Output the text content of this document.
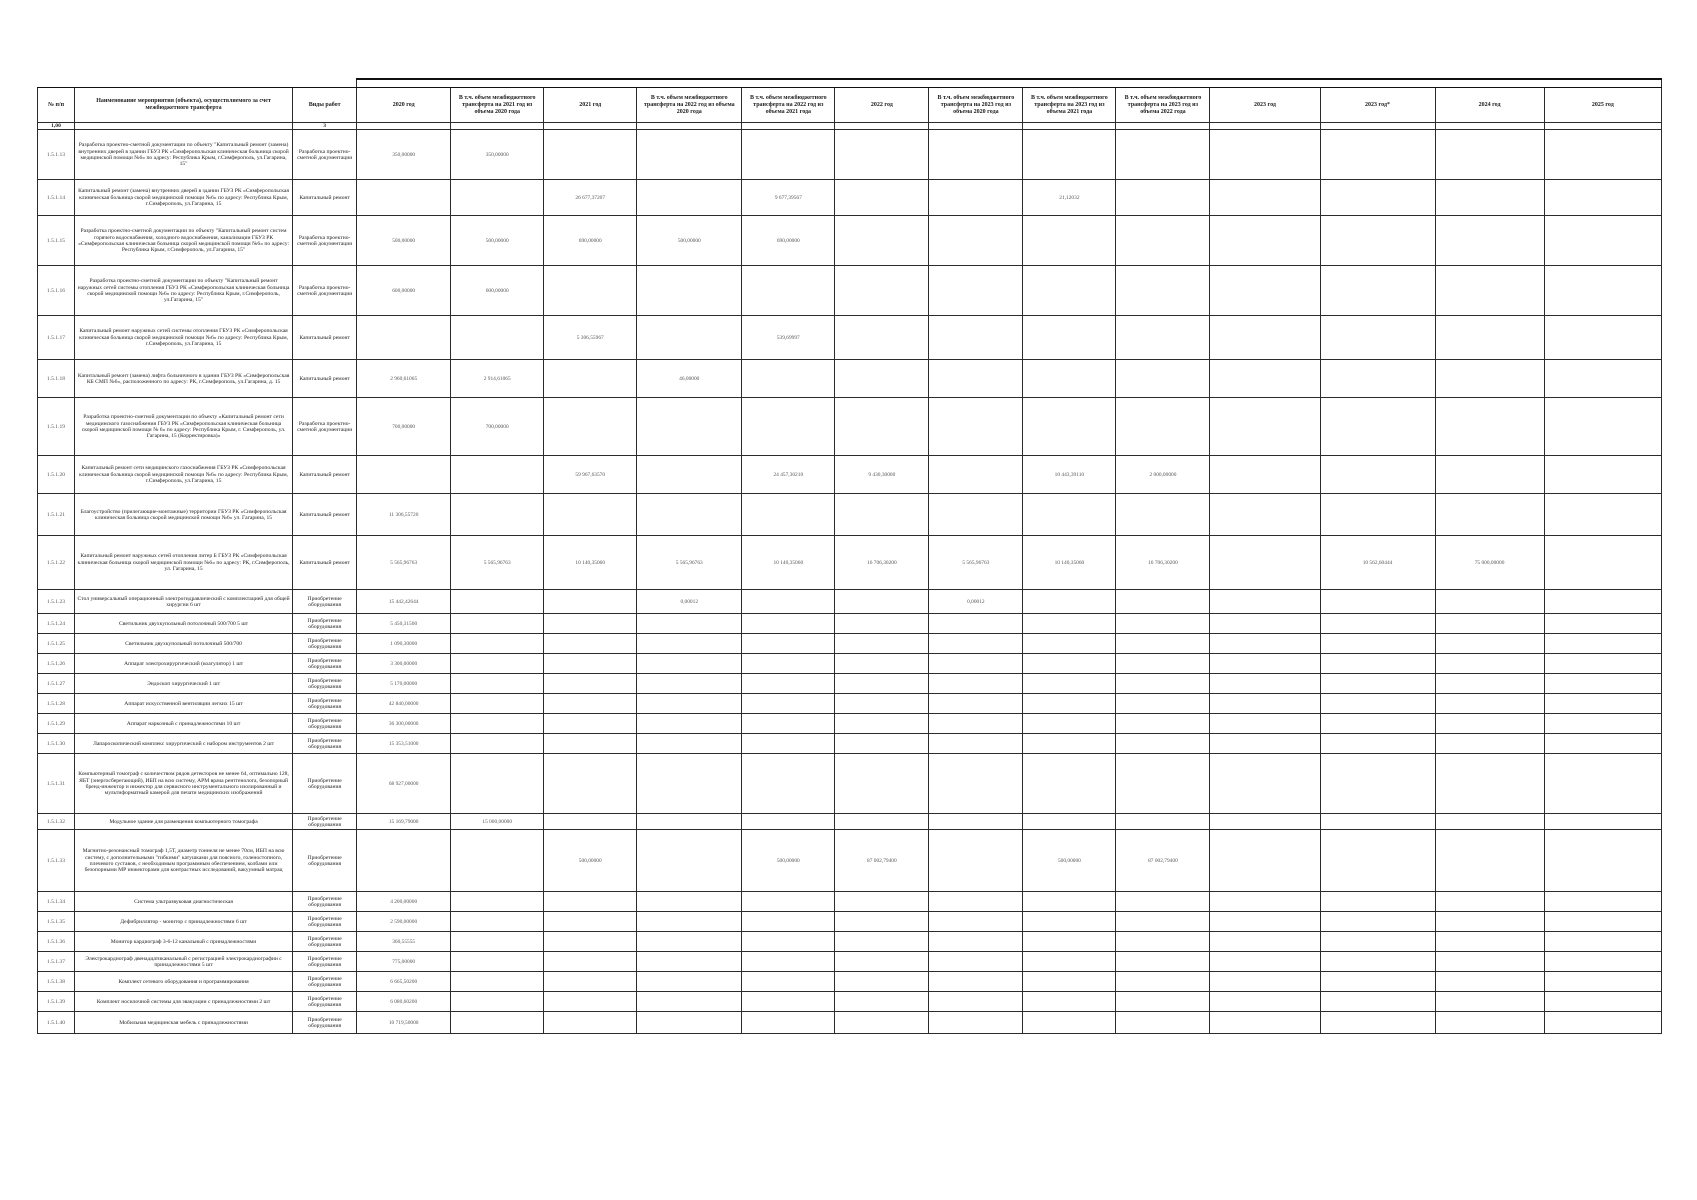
№ п/п	Наименование мероприятия (объекта), осуществляемого за счет межбюджетного трансферта	Виды работ	2020 год	В т.ч. объем межбюджетного трансферта на 2021 год из объема 2020 года	2021 год	В т.ч. объем межбюджетного трансферта на 2022 год из объема 2020 года	В т.ч. объем межбюджетного трансферта на 2022 год из объема 2021 года	2022 год	В т.ч. объем межбюджетного трансферта на 2023 год из объема 2020 года	В т.ч. объем межбюджетного трансферта на 2023 год из объема 2021 года	В т.ч. объем межбюджетного трансферта на 2023 год из объема 2022 года	2023 год	2023 год*	2024 год	2025 год
1,00		3													
1.5.1.13	Разработка проектно-сметной документации по объекту "Капитальный ремонт (замена) внутренних дверей в здании ГБУЗ РК «Симферопольская клиническая больница скорой медицинской помощи №6» по адресу: Республика Крым, г.Симферополь, ул.Гагарина, 15"	Разработка проектно-сметной документации	350,00000	350,00000											
1.5.1.14	Капитальный ремонт (замена) внутренних дверей в здании ГБУЗ РК «Симферопольская клиническая больница скорой медицинской помощи №6» по адресу: Республика Крым, г.Симферополь, ул.Гагарина, 15	Капитальный ремонт			26 677,37207		9 677,39567			21,12032					
1.5.1.15	Разработка проектно-сметной документации по объекту "Капитальный ремонт систем горячего водоснабжения, холодного водоснабжения, канализации ГБУЗ РК «Симферопольская клиническая больница скорой медицинской помощи №6» по адресу: Республика Крым, г.Симферополь, ул.Гагарина, 15"	Разработка проектно-сметной документации	500,00000	500,00000	690,00000	500,00000	690,00000								
1.5.1.16	Разработка проектно-сметной документации по объекту "Капитальный ремонт наружных сетей системы отопления ГБУЗ РК «Симферопольская клиническая больница скорой медицинской помощи №6» по адресу: Республика Крым, г.Симферополь, ул.Гагарина, 15"	Разработка проектно-сметной документации	600,00000	600,00000											
1.5.1.17	Капитальный ремонт наружных сетей системы отопления ГБУЗ РК «Симферопольская клиническая больница скорой медицинской помощи №6» по адресу: Республика Крым, г.Симферополь, ул.Гагарина, 15	Капитальный ремонт			5 306,55967		539,69997								
1.5.1.18	Капитальный ремонт (замена) лифта больничного в здании ГБУЗ РК «Симферопольская КБ СМП №6», расположенного по адресу: РК, г.Симферополь, ул.Гагарина, д. 15	Капитальный ремонт	2 960,61065	2 914,61065		46,00000									
1.5.1.19	Разработка проектно-сметной документации по объекту «Капитальный ремонт сети медицинского газоснабжения ГБУЗ РК «Симферопольская клиническая больница скорой медицинской помощи № 6» по адресу: Республика Крым, г. Симферополь, ул. Гагарина, 15 (Корректировка)»	Разработка проектно-сметной документации	700,00000	700,00000											
1.5.1.20	Капитальный ремонт сети медицинского газоснабжения ГБУЗ РК «Симферопольская клиническая больница скорой медицинской помощи №6» по адресу: Республика Крым, г.Симферополь, ул.Гагарина, 15	Капитальный ремонт			59 967,63570		24 457,30210	9 430,30000		10 443,39110	2 000,00000				
1.5.1.21	Благоустройство (прилегающие-монтажные) территории ГБУЗ РК «Симферопольская клиническая больница скорой медицинской помощи №6» ул. Гагарина, 15	Капитальный ремонт	11 306,55720												
1.5.1.22	Капитальный ремонт наружных сетей отопления литер Б ГБУЗ РК «Симферопольская клиническая больница скорой медицинской помощи №6» по адресу: РК, г.Симферополь, ул. Гагарина, 15	Капитальный ремонт	5 565,96763	5 565,96763	10 140,35060	5 565,96763	10 140,35060	16 706,30200	5 565,96763	10 140,35060	16 706,30200		10 562,60444	75 000,00000	
1.5.1.23	Стол универсальный операционный электрогидравлический с комплектацией для общей хирургии 6 шт	Приобретение оборудования	15 442,42644			0,00012			0,00012						
1.5.1.24	Светильник двухкупольный потолочный 500/700 5 шт	Приобретение оборудования	5 450,31500												
1.5.1.25	Светильник двухкупольный потолочный 500/700	Приобретение оборудования	1 090,30000												
1.5.1.26	Аппарат электрохирургический (коагулятор) 1 шт	Приобретение оборудования	3 300,00000												
1.5.1.27	Эндоскоп хирургический 1 шт	Приобретение оборудования	5 170,00000												
1.5.1.28	Аппарат искусственной вентиляции легких 15 шт	Приобретение оборудования	42 840,00000												
1.5.1.29	Аппарат наркозный с принадлежностями 10 шт	Приобретение оборудования	36 300,00000												
1.5.1.30	Лапароскопический комплекс хирургический с набором инструментов 2 шт	Приобретение оборудования	15 353,51000												
1.5.1.31	Компьютерный томограф с количеством рядов детекторов не менее 64, оптимально 128, ЯБТ (энергосберегающий), ИБП на всю систему, АРМ врача рентгенолога, безопорный бренд-инжектор и инжектор для сервисного инструментального изолированный и мультиформатный камерой для печати медицинских изображений	Приобретение оборудования	68 927,00000												
1.5.1.32	Модульное здание для размещения компьютерного томографа	Приобретение оборудования	15 169,79000	15 000,00000											
1.5.1.33	Магнитно-резонансный томограф 1,5Т, диаметр тоннеля не менее 70см, ИБП на всю систему, с дополнительными "гибкими" катушками для поясного, голеностопного, плечевого суставов, с необходимым программным обеспечением, колбами или безопорными МР инжекторами для контрастных исследований, вакуумный матрац	Приобретение оборудования			500,00000		500,00000	87 002,79400		500,00000	87 002,79400				
1.5.1.34	Система ультразвуковая диагностическая	Приобретение оборудования	4 200,00000												
1.5.1.35	Дефибриллятор - монитор с принадлежностями 6 шт	Приобретение оборудования	2 590,00000												
1.5.1.36	Монитор кардиограф 3-6-12 канальный с принадлежностями	Приобретение оборудования	360,55555												
1.5.1.37	Электрокардиограф двенадцатиканальный с регистрацией электрокардиографии с принадлежностями 5 шт	Приобретение оборудования	775,00000												
1.5.1.38	Комплект сетевого оборудования и программирования	Приобретение оборудования	6 665,50200												
1.5.1.39	Комплект носилочной системы для эвакуации с принадлежностями 2 шт	Приобретение оборудования	6 080,60200												
1.5.1.40	Мобильная медицинская мебель с принадлежностями	Приобретение оборудования	10 719,50000												
